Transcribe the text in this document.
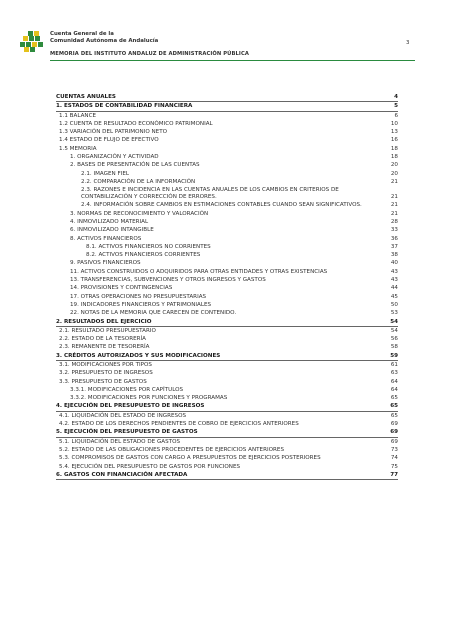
Cuenta General de la
Comunidad Autónoma de Andalucía	3
MEMORIA DEL INSTITUTO ANDALUZ DE ADMINISTRACIÓN PÚBLICA
CUENTAS ANUALES	4
1. ESTADOS DE CONTABILIDAD FINANCIERA	5
1.1 BALANCE	6
1.2 CUENTA DE RESULTADO ECONÓMICO PATRIMONIAL	10
1.3 VARIACIÓN DEL PATRIMONIO NETO	13
1.4 ESTADO DE FLUJO DE EFECTIVO	16
1.5 MEMORIA	18
1. ORGANIZACIÓN Y ACTIVIDAD	18
2. BASES DE PRESENTACIÓN DE LAS CUENTAS	20
2.1. IMAGEN FIEL	20
2.2. COMPARACIÓN DE LA INFORMACIÓN	21
2.3. RAZONES E INCIDENCIA EN LAS CUENTAS ANUALES DE LOS CAMBIOS EN CRITERIOS DE CONTABILIZACIÓN Y CORRECCIÓN DE ERRORES.	21
2.4. INFORMACIÓN SOBRE CAMBIOS EN ESTIMACIONES CONTABLES CUANDO SEAN SIGNIFICATIVOS.	21
3. NORMAS DE RECONOCIMIENTO Y VALORACIÓN	21
4. INMOVILIZADO MATERIAL	28
6. INMOVILIZADO INTANGIBLE	33
8. ACTIVOS FINANCIEROS	36
8.1. ACTIVOS FINANCIEROS NO CORRIENTES	37
8.2. ACTIVOS FINANCIEROS CORRIENTES	38
9. PASIVOS FINANCIEROS	40
11. ACTIVOS CONSTRUIDOS O ADQUIRIDOS PARA OTRAS ENTIDADES Y OTRAS EXISTENCIAS	43
13. TRANSFERENCIAS, SUBVENCIONES Y OTROS INGRESOS Y GASTOS	43
14. PROVISIONES Y CONTINGENCIAS	44
17. OTRAS OPERACIONES NO PRESUPUESTARIAS	45
19. INDICADORES FINANCIEROS Y PATRIMONIALES	50
22. NOTAS DE LA MEMORIA QUE CARECEN DE CONTENIDO.	53
2. RESULTADOS DEL EJERCICIO	54
2.1. RESULTADO PRESUPUESTARIO	54
2.2. ESTADO DE LA TESORERÍA	56
2.3. REMANENTE DE TESORERÍA	58
3. CRÉDITOS AUTORIZADOS Y SUS MODIFICACIONES	59
3.1. MODIFICACIONES POR TIPOS	61
3.2. PRESUPUESTO DE INGRESOS	63
3.3. PRESUPUESTO DE GASTOS	64
3.3.1. MODIFICACIONES POR CAPÍTULOS	64
3.3.2. MODIFICACIONES POR FUNCIONES Y PROGRAMAS	65
4. EJECUCIÓN DEL PRESUPUESTO DE INGRESOS	65
4.1. LIQUIDACIÓN DEL ESTADO DE INGRESOS	65
4.2. ESTADO DE LOS DERECHOS PENDIENTES DE COBRO DE EJERCICIOS ANTERIORES	69
5. EJECUCIÓN DEL PRESUPUESTO DE GASTOS	69
5.1. LIQUIDACIÓN DEL ESTADO DE GASTOS	69
5.2. ESTADO DE LAS OBLIGACIONES PROCEDENTES DE EJERCICIOS ANTERIORES	73
5.3. COMPROMISOS DE GASTOS CON CARGO A PRESUPUESTOS DE EJERCICIOS POSTERIORES	74
5.4. EJECUCIÓN DEL PRESUPUESTO DE GASTOS POR FUNCIONES	75
6. GASTOS CON FINANCIACIÓN AFECTADA	77
